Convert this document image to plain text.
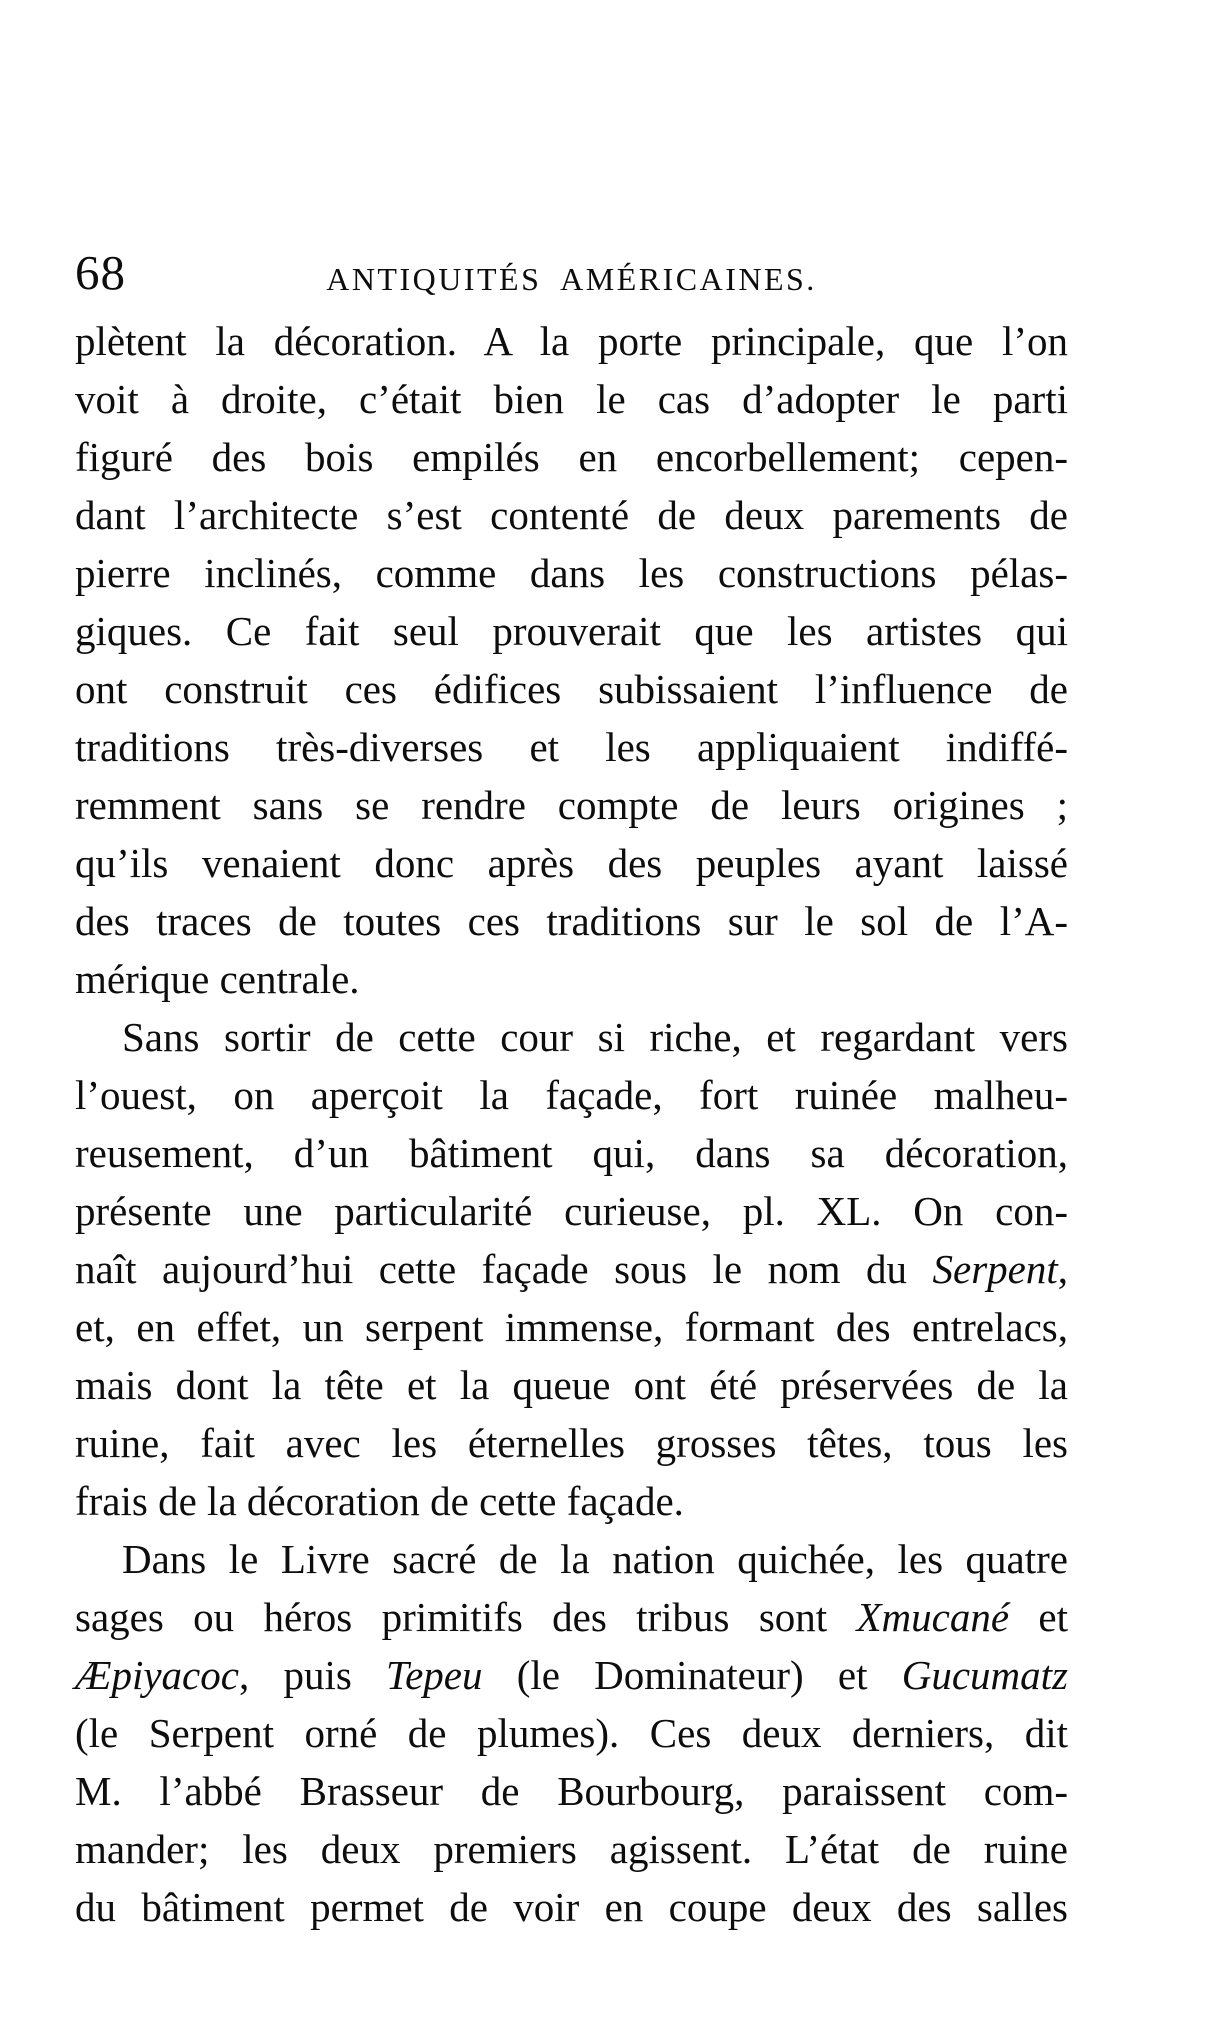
68	ANTIQUITÉS AMÉRICAINES.
plètent la décoration. A la porte principale, que l’on
voit à droite, c’était bien le cas d’adopter le parti
figuré des bois empilés en encorbellement; cepen-
dant l’architecte s’est contenté de deux parements de
pierre inclinés, comme dans les constructions pélas-
giques. Ce fait seul prouverait que les artistes qui
ont construit ces édifices subissaient l’influence de
traditions très-diverses et les appliquaient indiffé-
remment sans se rendre compte de leurs origines ;
qu’ils venaient donc après des peuples ayant laissé
des traces de toutes ces traditions sur le sol de l’A-
mérique centrale.
Sans sortir de cette cour si riche, et regardant vers
l’ouest, on aperçoit la façade, fort ruinée malheu-
reusement, d’un bâtiment qui, dans sa décoration,
présente une particularité curieuse, pl. XL. On con-
naît aujourd’hui cette façade sous le nom du Serpent,
et, en effet, un serpent immense, formant des entrelacs,
mais dont la tête et la queue ont été préservées de la
ruine, fait avec les éternelles grosses têtes, tous les
frais de la décoration de cette façade.
Dans le Livre sacré de la nation quichée, les quatre
sages ou héros primitifs des tribus sont Xmucané et
Æpiyacoc, puis Tepeu (le Dominateur) et Gucumatz
(le Serpent orné de plumes). Ces deux derniers, dit
M. l’abbé Brasseur de Bourbourg, paraissent com-
mander; les deux premiers agissent. L’état de ruine
du bâtiment permet de voir en coupe deux des salles
